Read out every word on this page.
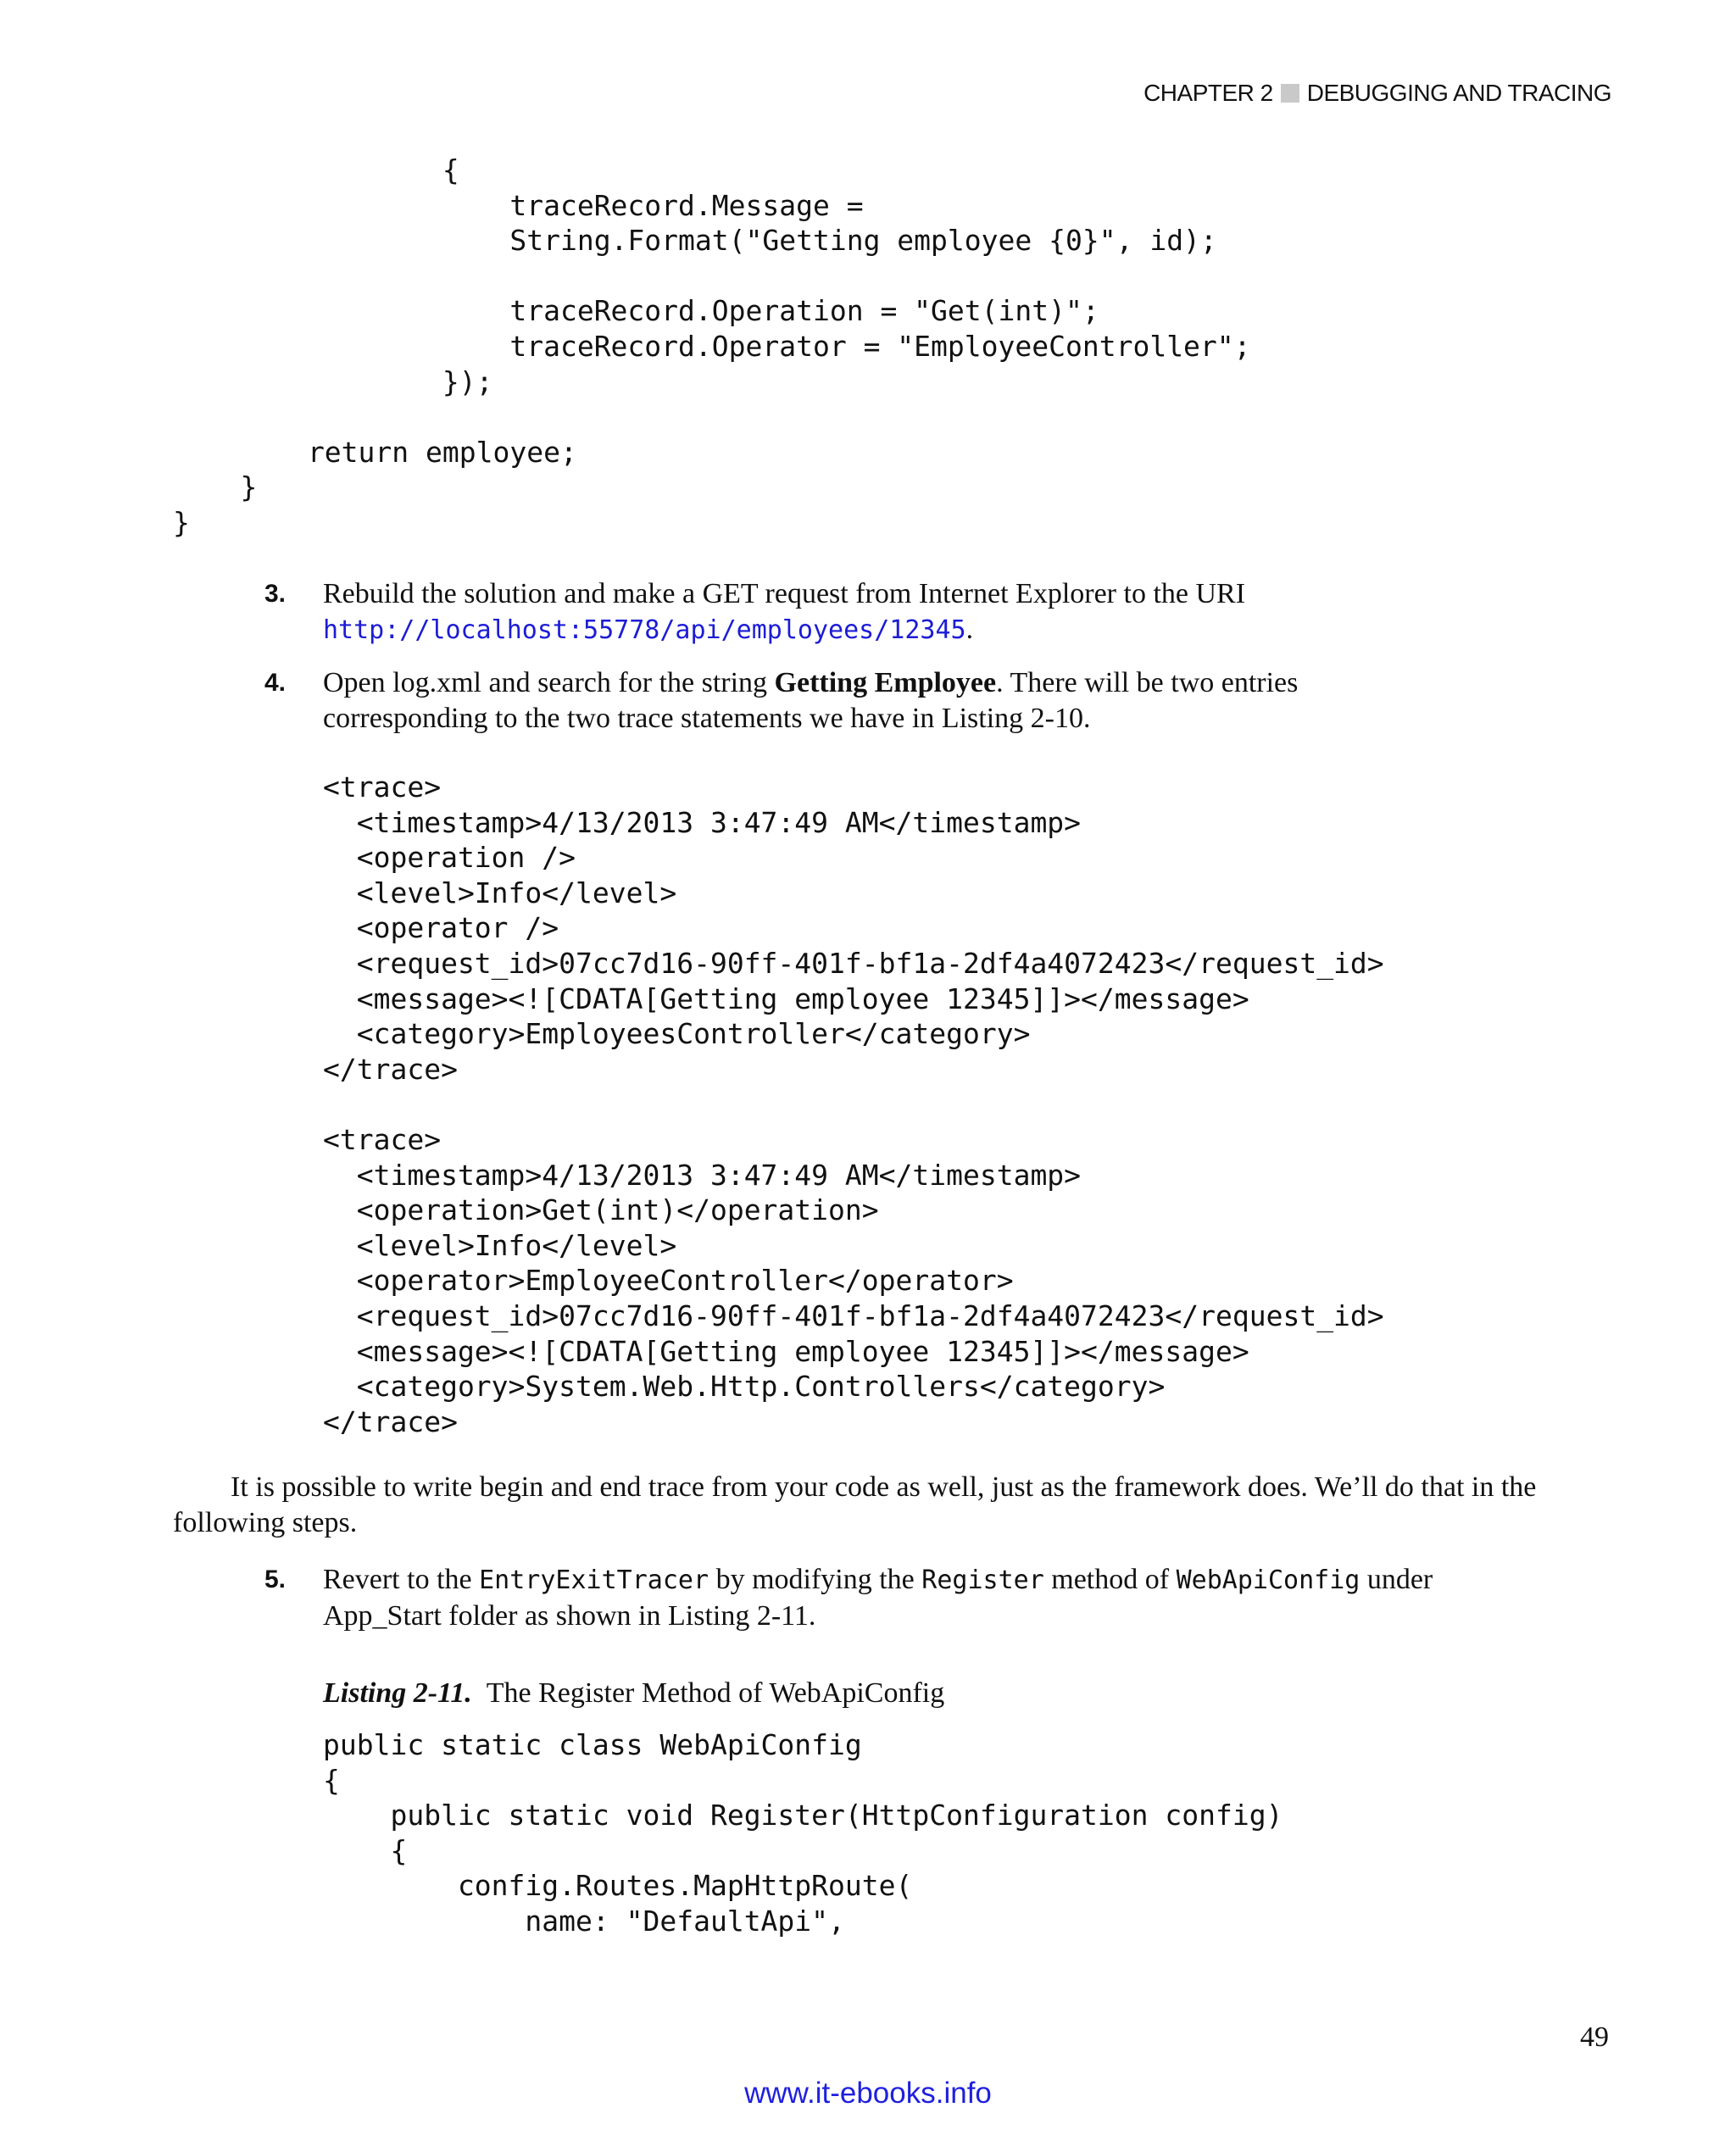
CHAPTER 2 DEBUGGING AND TRACING
{
traceRecord.Message =
String.Format("Getting employee {0}", id);

traceRecord.Operation = "Get(int)";
traceRecord.Operator = "EmployeeController";
});

return employee;
}
}
3. Rebuild the solution and make a GET request from Internet Explorer to the URI
http://localhost:55778/api/employees/12345.
4. Open log.xml and search for the string Getting Employee. There will be two entries corresponding to the two trace statements we have in Listing 2-10.
<trace>
<timestamp>4/13/2013 3:47:49 AM</timestamp>
<operation />
<level>Info</level>
<operator />
<request_id>07cc7d16-90ff-401f-bf1a-2df4a4072423</request_id>
<message><![CDATA[Getting employee 12345]]></message>
<category>EmployeesController</category>
</trace>

<trace>
<timestamp>4/13/2013 3:47:49 AM</timestamp>
<operation>Get(int)</operation>
<level>Info</level>
<operator>EmployeeController</operator>
<request_id>07cc7d16-90ff-401f-bf1a-2df4a4072423</request_id>
<message><![CDATA[Getting employee 12345]]></message>
<category>System.Web.Http.Controllers</category>
</trace>

It is possible to write begin and end trace from your code as well, just as the framework does. We’ll do that in the following steps.

5. Revert to the EntryExitTracer by modifying the Register method of WebApiConfig under App_Start folder as shown in Listing 2-11.
Listing 2-11. The Register Method of WebApiConfig
public static class WebApiConfig
{
public static void Register(HttpConfiguration config)
{
config.Routes.MapHttpRoute(
name: "DefaultApi",
49
www.it-ebooks.info
